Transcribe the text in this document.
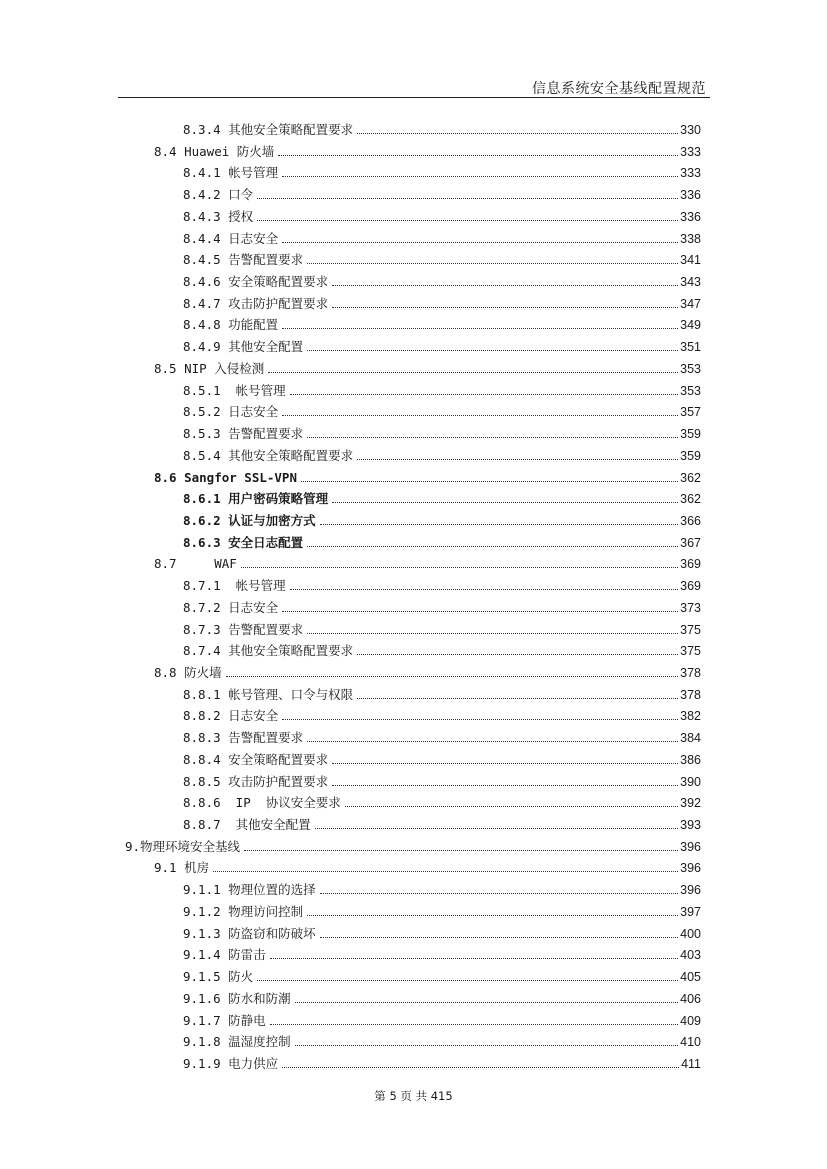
信息系统安全基线配置规范
8.3.4 其他安全策略配置要求	330
8.4 Huawei 防火墙	333
8.4.1 帐号管理	333
8.4.2 口令	336
8.4.3 授权	336
8.4.4 日志安全	338
8.4.5 告警配置要求	341
8.4.6 安全策略配置要求	343
8.4.7 攻击防护配置要求	347
8.4.8 功能配置	349
8.4.9 其他安全配置	351
8.5 NIP 入侵检测	353
8.5.1  帐号管理	353
8.5.2 日志安全	357
8.5.3 告警配置要求	359
8.5.4 其他安全策略配置要求	359
8.6 Sangfor SSL-VPN	362
8.6.1 用户密码策略管理	362
8.6.2 认证与加密方式	366
8.6.3 安全日志配置	367
8.7     WAF	369
8.7.1  帐号管理	369
8.7.2 日志安全	373
8.7.3 告警配置要求	375
8.7.4 其他安全策略配置要求	375
8.8 防火墙	378
8.8.1 帐号管理、口令与权限	378
8.8.2 日志安全	382
8.8.3 告警配置要求	384
8.8.4 安全策略配置要求	386
8.8.5 攻击防护配置要求	390
8.8.6  IP  协议安全要求	392
8.8.7  其他安全配置	393
9.物理环境安全基线	396
9.1 机房	396
9.1.1 物理位置的选择	396
9.1.2 物理访问控制	397
9.1.3 防盗窃和防破坏	400
9.1.4 防雷击	403
9.1.5 防火	405
9.1.6 防水和防潮	406
9.1.7 防静电	409
9.1.8 温湿度控制	410
9.1.9 电力供应	411
第 5 页 共 415
